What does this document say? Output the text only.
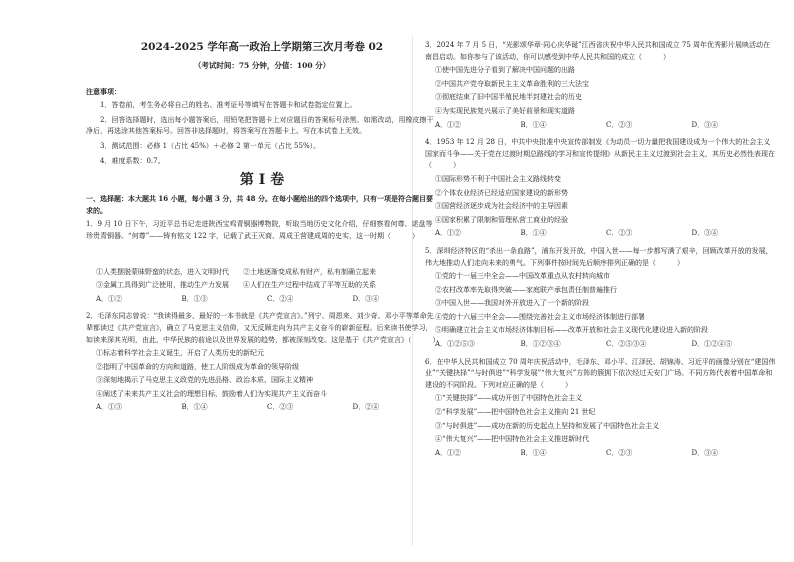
2024-2025 学年高一政治上学期第三次月考卷 02
（考试时间：75 分钟，分值：100 分）
注意事项：
1．答卷前，考生务必将自己的姓名、准考证号等填写在答题卡和试卷指定位置上。
2．回答选择题时，选出每小题答案后，用铅笔把答题卡上对应题目的答案标号涂黑。如需改动，用橡皮擦干净后，再选涂其他答案标号。回答非选择题时，将答案写在答题卡上。写在本试卷上无效。
3．测试范围：必修 1（占比 45%）＋必修 2 第一单元（占比 55%）。
4．难度系数：0.7。
第 I 卷
一、选择题：本大题共 16 小题，每小题 3 分，共 48 分。在每小题给出的四个选项中，只有一项是符合题目要求的。
1．9 月 10 日下午，习近平总书记走进陕西宝鸡青铜器博物院，听取当地历史文化介绍，仔细察看何尊、逑盘等珍贵青铜器。“何尊”——铸有铭文 122 字，记载了武王灭商、周成王营建成周的史实，这一时期（　　　）
①人类摆脱蒙昧野蛮的状态，进入文明时代　　②土地逐渐变成私有财产，私有制确立起来
③金属工具得到广泛使用，推动生产力发展　　④人们在生产过程中结成了平等互助的关系
A．①②	B．①③	C．②④	D．③④
2．毛泽东同志曾说：“我读得最多、最好的一本书就是《共产党宣言》。”列宁、周恩来、刘少奇、邓小平等革命先辈都读过《共产党宣言》，确立了马克思主义信仰，又无反顾走向为共产主义奋斗的崭新征程。后来读书使学习，如读来深其光明，由此，中华民族的前途以及世界发展的趋势，都被深刻改变。这是基于《共产党宣言》（　　　）
①标志着科学社会主义诞生，开启了人类历史的新纪元
②指明了中国革命的方向和道路，使工人阶级成为革命的领导阶级
③深刻地揭示了马克思主义政党的先进品格、政治本质、国际主义精神
④阐述了未来共产主义社会的理想目标，鼓励着人们为实现共产主义而奋斗
A．①③	B．①④	C．②③	D．②④
3．2024 年 7 月 5 日，“光影颂华章·同心庆华诞”江西省庆祝中华人民共和国成立 75 周年优秀影片展映活动在南昌启动。如你参与了该活动，你可以感受到中华人民共和国的成立（　　　）
①使中国先进分子看到了解决中国问题的出路
②中国共产党夺取新民主主义革命胜利的三大法宝
③彻底结束了旧中国半殖民地半封建社会的历史
④为实现民族复兴展示了美好前景和现实道路
A．①②	B．①④	C．②③	D．③④
4．1953 年 12 月 28 日，中共中央批准中央宣传部制发《为动员一切力量把我国建设成为一个伟大的社会主义国家而斗争——关于党在过渡时期总路线的学习和宣传提纲》从新民主主义过渡到社会主义，其历史必然性表现在（　　　）
①国际形势不利于中国社会主义路线转变
②个体农业经济已经适应国家建设的新形势
③国营经济逐步成为社会经济中的主导因素
④国家积累了限制和管理私营工商业的经验
A．①②	B．①④	C．②③	D．③④
5．深圳经济特区的“杀出一条血路”，浦东开发开放，中国入世——每一步都写满了艰辛，回顾改革开放的发展，伟大地推动人们走向未来的勇气。下列事件按时间先后顺序排列正确的是（　　　）
①党的十一届三中全会——中国改革重点从农村转向城市
②农村改革率先取得突破——家庭联产承包责任制普遍推行
③中国入世——我国对外开放进入了一个新的阶段
④党的十六届三中全会——围绕完善社会主义市场经济体制进行部署
⑤明确建立社会主义市场经济体制目标——改革开放和社会主义现代化建设进入新的阶段
A．①②⑤③	B．①②③④	C．②⑤③④	D．①②④⑤
6．在中华人民共和国成立 70 周年庆祝活动中，毛泽东、邓小平、江泽民、胡锦涛、习近平的画像分别在“建国伟业”“关键抉择”“与时俱进”“科学发展”“伟大复兴”方阵的簇拥下依次经过天安门广场。不同方阵代表着中国革命和建设的不同阶段。下列对应正确的是（　　　）
①“关键抉择”——成功开创了中国特色社会主义
②“科学发展”——把中国特色社会主义推向 21 世纪
③“与时俱进”——成功在新的历史起点上坚持和发展了中国特色社会主义
④“伟大复兴”——把中国特色社会主义推进新时代
A．①②	B．①④	C．②③	D．③④
